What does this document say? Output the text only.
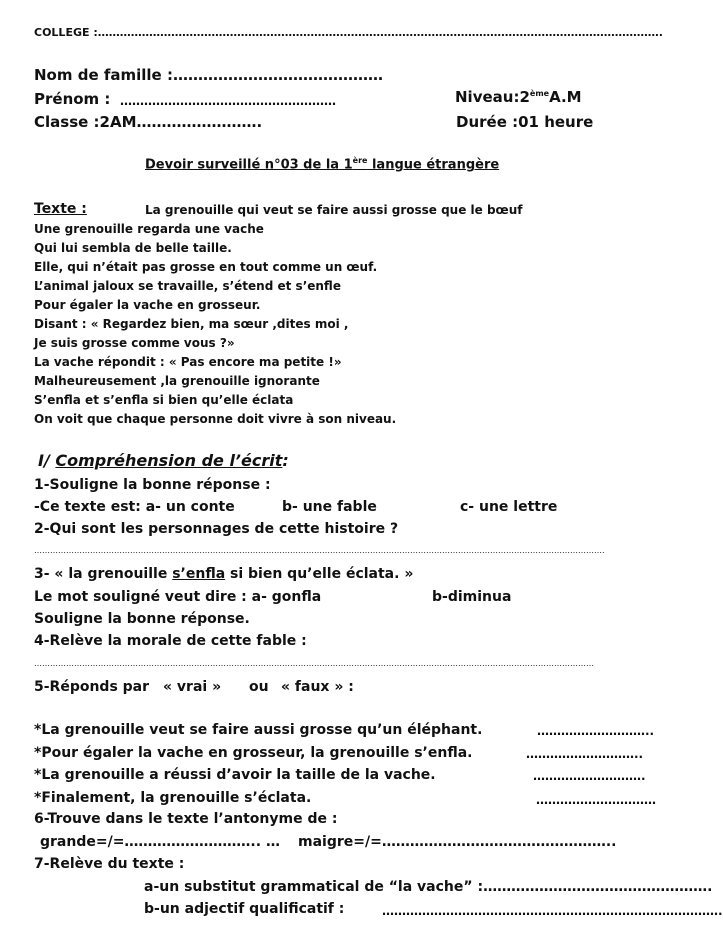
COLLEGE :……………………………………………………………………………………………………………………………………….
Nom de famille :……………………………………
Prénom : ………………………………………………	Niveau:2èmeA.M
Classe :2AM…………………….	Durée :01 heure
Devoir surveillé n°03 de la 1ère langue étrangère
Texte :	La grenouille qui veut se faire aussi grosse que le bœuf
Une grenouille regarda une vache
Qui lui sembla de belle taille.
Elle, qui n’était pas grosse en tout comme un œuf.
L’animal jaloux se travaille, s’étend et s’enfle
Pour égaler la vache en grosseur.
Disant : « Regardez bien, ma sœur ,dites moi ,
Je suis grosse comme vous ?»
La vache répondit : « Pas encore ma petite !»
Malheureusement ,la grenouille ignorante
S’enfla et s’enfla si bien qu’elle éclata
On voit que chaque personne doit vivre à son niveau.
I/ Compréhension de l’écrit:
1-Souligne la bonne réponse :
-Ce texte est: a- un conte	b- une fable	c- une lettre
2-Qui sont les personnages de cette histoire ?
…………………………………………………………………………………………………………………………………………………………………………………………….
3- « la grenouille s’enfla si bien qu’elle éclata. »
Le mot souligné veut dire : a- gonfla	b-diminua
Souligne la bonne réponse.
4-Relève la morale de cette fable :
…………………………………………………………………………………………………………………………………………………………………………………………
5-Réponds par « vrai » ou « faux » :
*La grenouille veut se faire aussi grosse qu’un éléphant.	………………………..
*Pour égaler la vache en grosseur, la grenouille s’enfla.	………………………..
*La grenouille a réussi d’avoir la taille de la vache.	……………………….
*Finalement, la grenouille s’éclata.	…………………………
6-Trouve dans le texte l’antonyme de :
grande=/=……………………….. … maigre=/=…………………………………………..
7-Relève du texte :
a-un substitut grammatical de “la vache” :………………………………………….
b-un adjectif qualificatif :	………………………………………………………………………….
